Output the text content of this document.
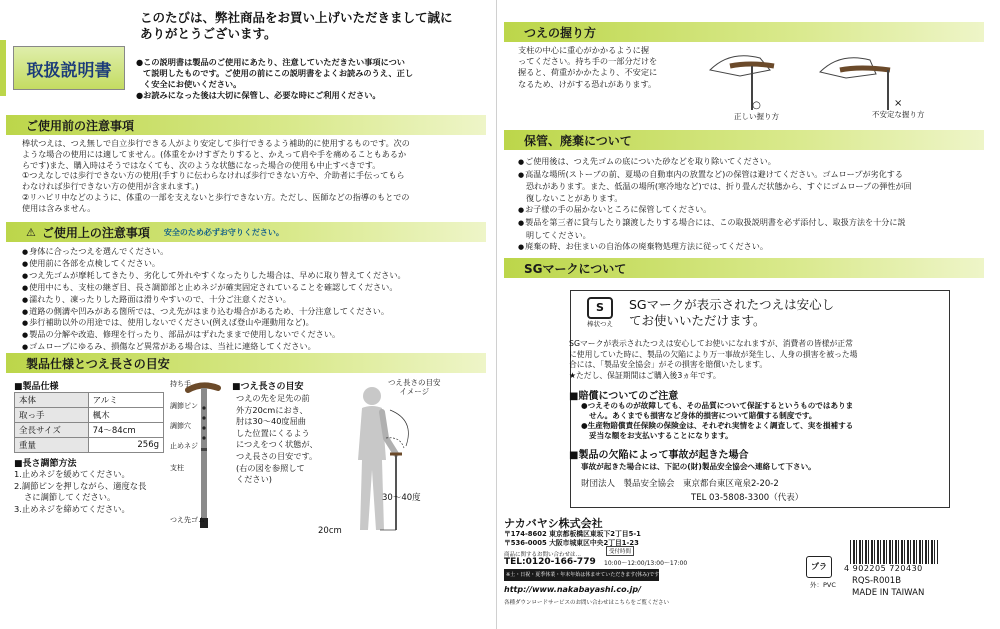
取扱説明書
このたびは、弊社商品をお買い上げいただきまして誠に
ありがとうございます。
●この説明書は製品のご使用にあたり、注意していただきたい事項につい
て説明したものです。ご使用の前にこの説明書をよくお読みのうえ、正し
く安全にお使いください。
●お読みになった後は大切に保管し、必要な時にご利用ください。
ご使用前の注意事項
棒状つえは、つえ無しで自立歩行できる人がより安定して歩行できるよう補助的に使用するものです。次の
ような場合の使用には適してません。(体重をかけすぎたりすると、かえって肩や手を痛めることもあるか
らです)また、購入時はそうではなくても、次のような状態になった場合の使用も中止すべきです。
①つえなしでは歩行できない方の使用(手すりに伝わらなければ歩行できない方や、介助者に手伝ってもら
わなければ歩行できない方の使用が含まれます。)
②リハビリ中などのように、体重の一部を支えないと歩行できない方。ただし、医師などの指導のもとでの
使用は含みません。
⚠ ご使用上の注意事項 安全のため必ずお守りください。
● 身体に合ったつえを選んでください。
● 使用前に各部を点検してください。
● つえ先ゴムが摩耗してきたり、劣化して外れやすくなったりした場合は、早めに取り替えてください。
● 使用中にも、支柱の継ぎ目、長さ調節部と止めネジが確実固定されていることを確認してください。
● 濡れたり、凍ったりした路面は滑りやすいので、十分ご注意ください。
● 道路の側溝や凹みがある箇所では、つえ先がはまり込む場合があるため、十分注意してください。
● 歩行補助以外の用途では、使用しないでください(例えば登山や運動用など)。
● 製品の分解や改造、修理を行ったり、部品がはずれたままで使用しないでください。
● ゴムロープにゆるみ、損傷など異常がある場合は、当社に連絡してください。
製品仕様とつえ長さの目安
■製品仕様
本体	アルミ
取っ手	楓木
全長サイズ	74〜84cm
重量	256g
■長さ調節方法
1.止めネジを緩めてください。
2.調節ピンを押しながら、適度な長
さに調節してください。
3.止めネジを締めてください。
持ち手
調節ピン
調節穴
止めネジ
支柱
つえ先ゴム
■つえ長さの目安
つえの先を足先の前
外方20cmにおき、
肘は30〜40度屈曲
した位置にくるよう
につえをつく状態が、
つえ長さの目安です。
(右の図を参照して
ください)
つえ長さの目安
イメージ
30〜40度
20cm
つえの握り方
支柱の中心に重心がかかるように握
ってください。持ち手の一部分だけを
握ると、荷重がかかたより、不安定に
なるため、けがする恐れがあります。
○
正しい握り方
×
不安定な握り方
保管、廃棄について
● ご使用後は、つえ先ゴムの底についた砂などを取り除いてください。
● 高温な場所(ストーブの前、夏場の自動車内の放置など)の保管は避けてください。ゴムロープが劣化する
恐れがあります。また、低温の場所(寒冷地など)では、折り畳んだ状態から、すぐにゴムロープの弾性が回
復しないことがあります。
● お子様の手の届かないところに保管してください。
● 製品を第三者に貸与したり譲渡したりする場合には、この取扱説明書を必ず添付し、取扱方法を十分に説
明してください。
● 廃棄の時、お住まいの自治体の廃棄物処理方法に従ってください。
SGマークについて
S
棒状つえ
SGマークが表示されたつえは安心し
てお使いいただけます。
SGマークが表示されたつえは安心してお使いになれますが、消費者の皆様が正常
に使用していた時に、製品の欠陥により万一事故が発生し、人身の損害を被った場
合には、「製品安全協会」がその損害を賠償いたします。
★ただし、保証期間はご購入後3ヵ年です。
■賠償についてのご注意
●つえそのものが故障しても、その品質について保証するというものではありま
せん。あくまでも損害など身体的損害について賠償する制度です。
●生産物賠償責任保険の保険金は、それぞれ実情をよく調査して、実を損補する
妥当な額をお支払いすることになります。
■製品の欠陥によって事故が起きた場合
事故が起きた場合には、下記の(財)製品安全協会へ連絡して下さい。
財団法人　製品安全協会　東京都台東区竜泉2-20-2
TEL 03-5808-3300（代表）
ナカバヤシ株式会社
〒174-8602 東京都板橋区東坂下2丁目5-1
〒536-0005 大阪市城東区中央2丁目1-23
商品に関するお問い合わせは…	受付時間
TEL:0120-166-779 10:00〜12:00/13:00〜17:00
※土・日祝・夏季休業・年末年始は休ませていただきます(休み)です
http://www.nakabayashi.co.jp/
各種ダウンロードサービスのお問い合わせはこちらをご覧ください
プラ
外：PVC
4 902205 720430
RQS-R001B
MADE IN TAIWAN
